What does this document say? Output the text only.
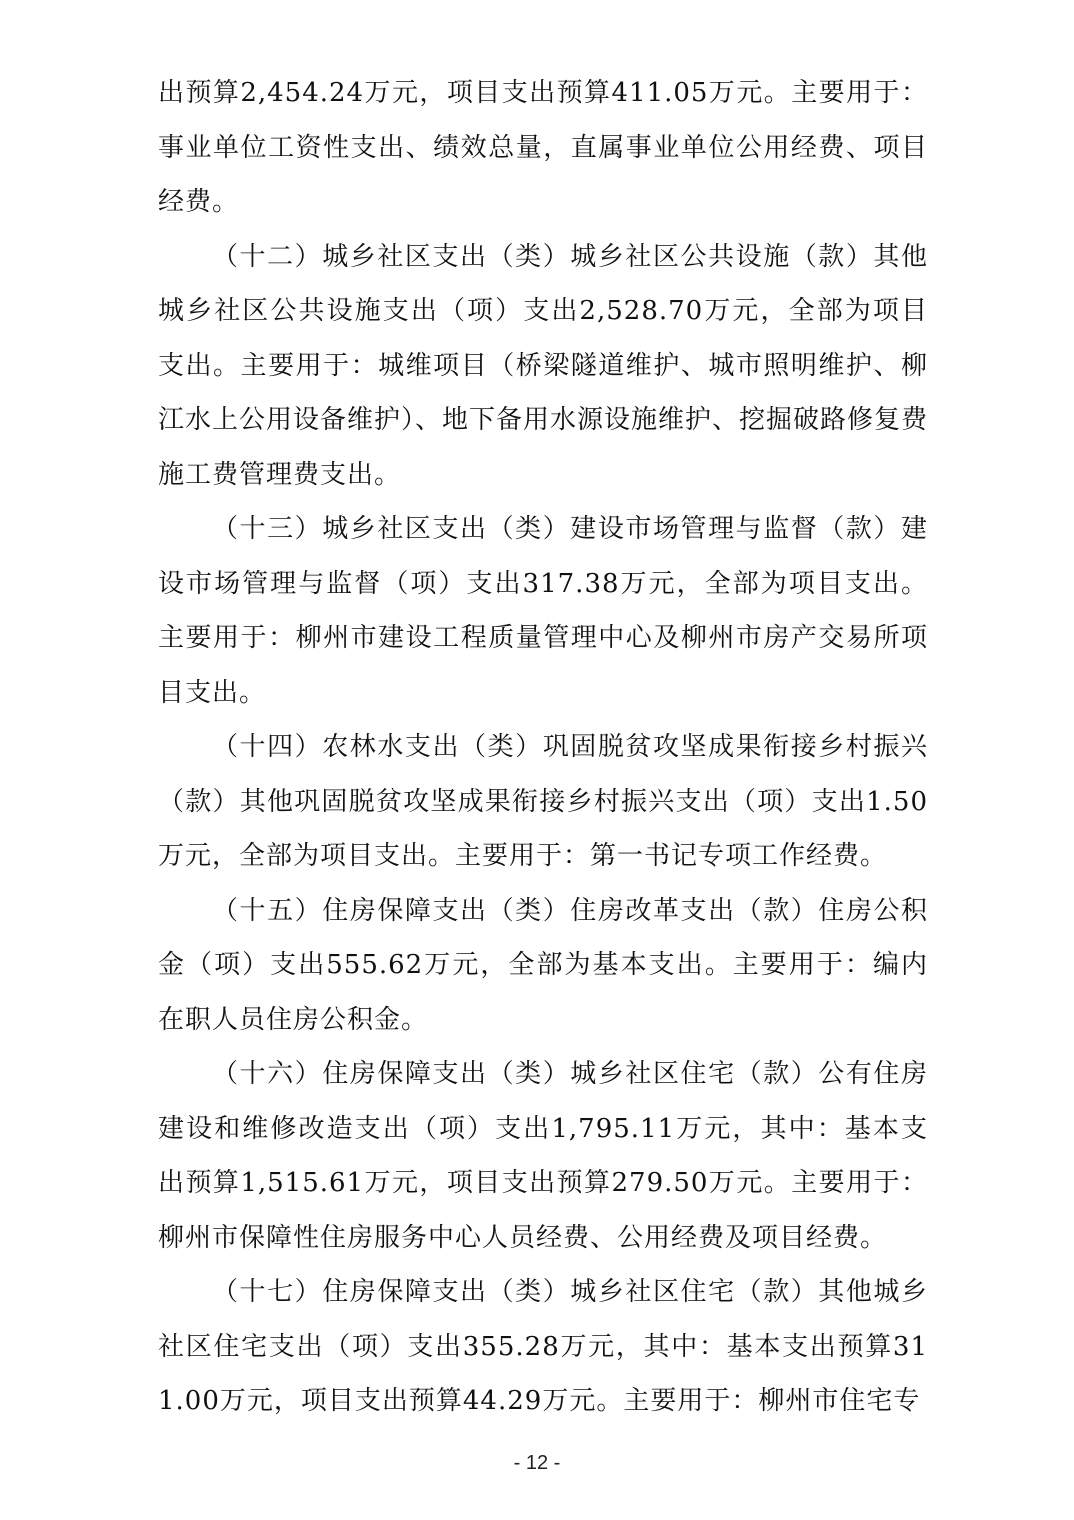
出预算2,454.24万元，项目支出预算411.05万元。主要用于：事业单位工资性支出、绩效总量，直属事业单位公用经费、项目经费。

（十二）城乡社区支出（类）城乡社区公共设施（款）其他城乡社区公共设施支出（项）支出2,528.70万元，全部为项目支出。主要用于：城维项目（桥梁隧道维护、城市照明维护、柳江水上公用设备维护）、地下备用水源设施维护、挖掘破路修复费施工费管理费支出。

（十三）城乡社区支出（类）建设市场管理与监督（款）建设市场管理与监督（项）支出317.38万元，全部为项目支出。主要用于：柳州市建设工程质量管理中心及柳州市房产交易所项目支出。

（十四）农林水支出（类）巩固脱贫攻坚成果衔接乡村振兴（款）其他巩固脱贫攻坚成果衔接乡村振兴支出（项）支出1.50万元，全部为项目支出。主要用于：第一书记专项工作经费。

（十五）住房保障支出（类）住房改革支出（款）住房公积金（项）支出555.62万元，全部为基本支出。主要用于：编内在职人员住房公积金。

（十六）住房保障支出（类）城乡社区住宅（款）公有住房建设和维修改造支出（项）支出1,795.11万元，其中：基本支出预算1,515.61万元，项目支出预算279.50万元。主要用于：柳州市保障性住房服务中心人员经费、公用经费及项目经费。

（十七）住房保障支出（类）城乡社区住宅（款）其他城乡社区住宅支出（项）支出355.28万元，其中：基本支出预算311.00万元，项目支出预算44.29万元。主要用于：柳州市住宅专

- 12 -
